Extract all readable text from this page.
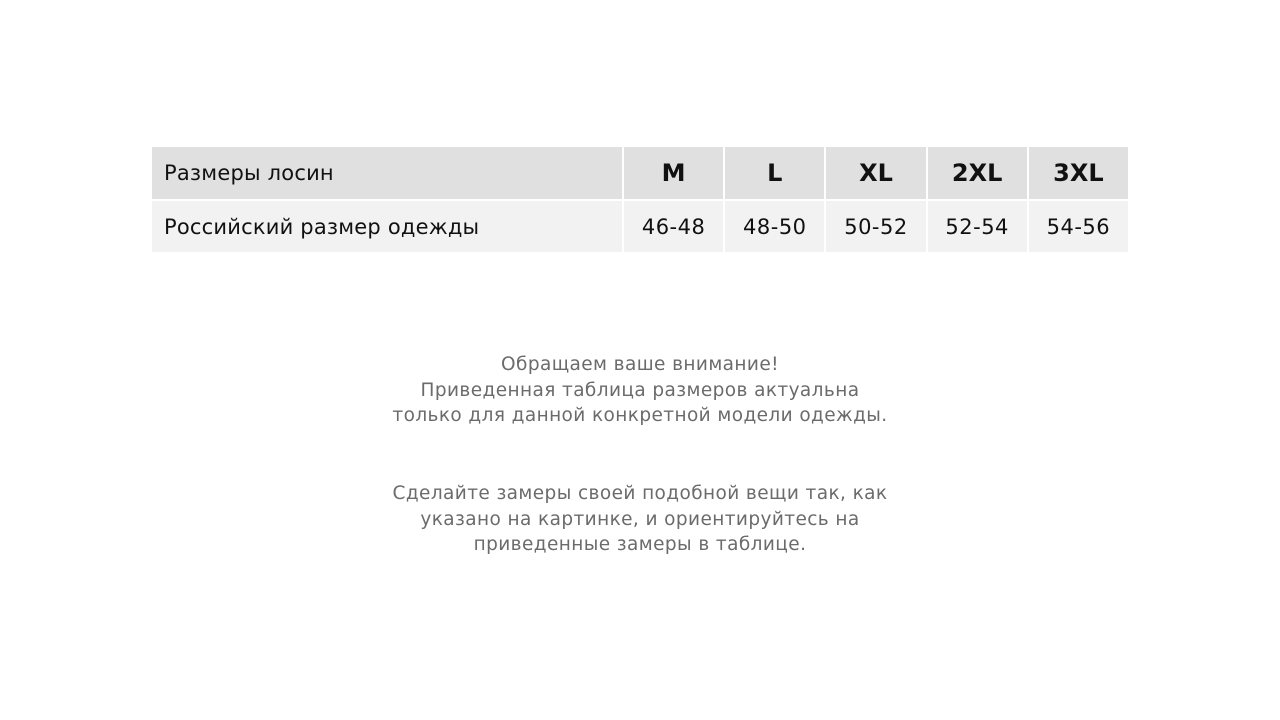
Размеры лосин	M	L	XL	2XL	3XL
Российский размер одежды	46-48	48-50	50-52	52-54	54-56
Обращаем ваше внимание!
Приведенная таблица размеров актуальна
только для данной конкретной модели одежды.
Сделайте замеры своей подобной вещи так, как
указано на картинке, и ориентируйтесь на
приведенные замеры в таблице.
